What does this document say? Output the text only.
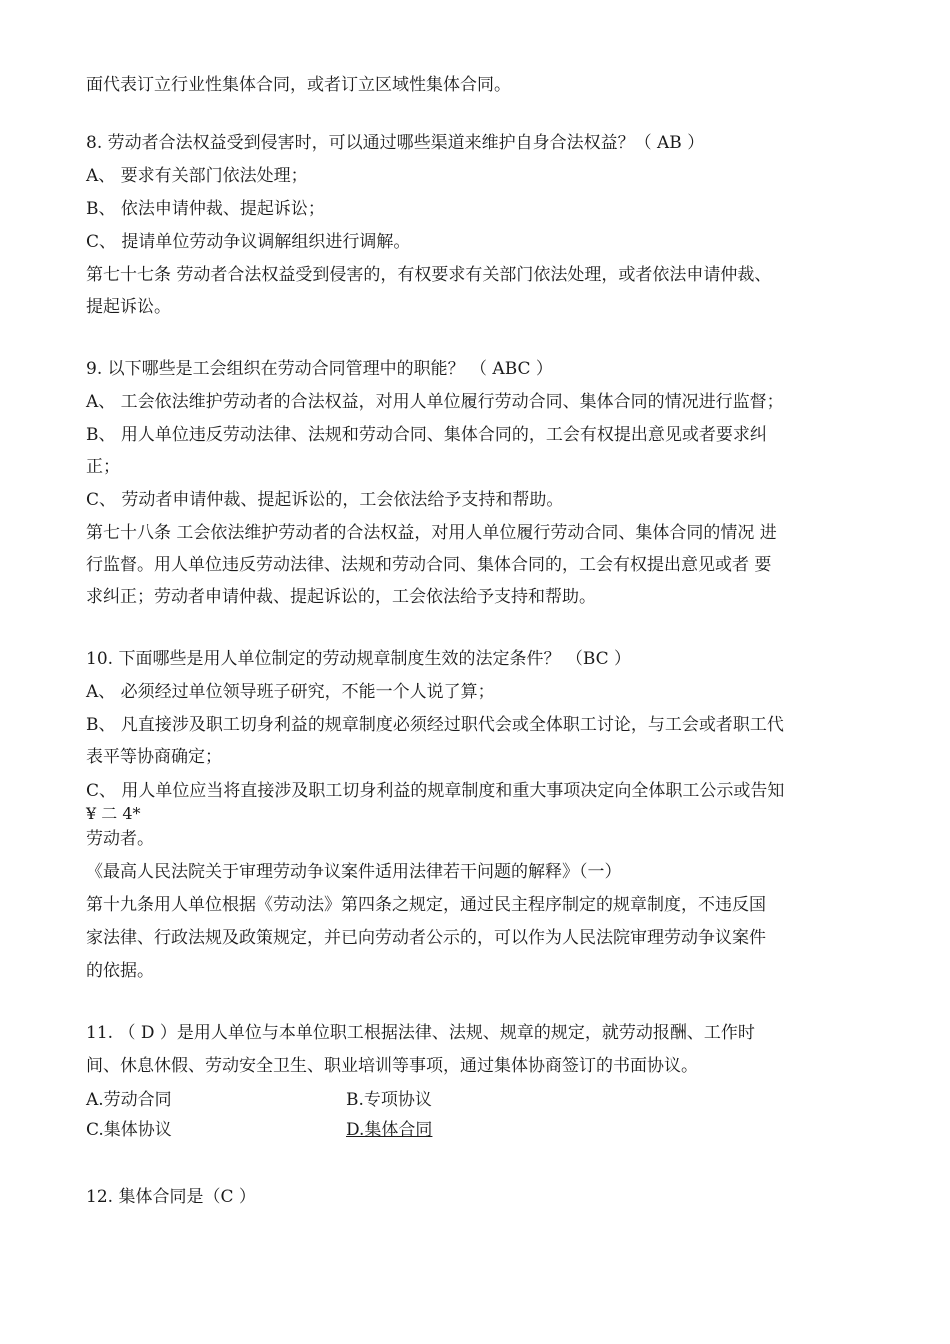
面代表订立行业性集体合同，或者订立区域性集体合同。
8. 劳动者合法权益受到侵害时，可以通过哪些渠道来维护自身合法权益？（ AB ）
A、 要求有关部门依法处理；
B、 依法申请仲裁、提起诉讼；
C、 提请单位劳动争议调解组织进行调解。
第七十七条 劳动者合法权益受到侵害的，有权要求有关部门依法处理，或者依法申请仲裁、
提起诉讼。
9. 以下哪些是工会组织在劳动合同管理中的职能？ （ ABC ）
A、 工会依法维护劳动者的合法权益，对用人单位履行劳动合同、集体合同的情况进行监督；
B、 用人单位违反劳动法律、法规和劳动合同、集体合同的，工会有权提出意见或者要求纠
正；
C、 劳动者申请仲裁、提起诉讼的，工会依法给予支持和帮助。
第七十八条 工会依法维护劳动者的合法权益，对用人单位履行劳动合同、集体合同的情况 进
行监督。用人单位违反劳动法律、法规和劳动合同、集体合同的，工会有权提出意见或者 要
求纠正；劳动者申请仲裁、提起诉讼的，工会依法给予支持和帮助。
10. 下面哪些是用人单位制定的劳动规章制度生效的法定条件？ （BC ）
A、 必须经过单位领导班子研究，不能一个人说了算；
B、 凡直接涉及职工切身利益的规章制度必须经过职代会或全体职工讨论，与工会或者职工代
表平等协商确定；
C、 用人单位应当将直接涉及职工切身利益的规章制度和重大事项决定向全体职工公示或告知
¥ 二 4*
劳动者。
《最高人民法院关于审理劳动争议案件适用法律若干问题的解释》（一）
第十九条用人单位根据《劳动法》第四条之规定，通过民主程序制定的规章制度，不违反国
家法律、行政法规及政策规定，并已向劳动者公示的，可以作为人民法院审理劳动争议案件
的依据。
11. （ D ）是用人单位与本单位职工根据法律、法规、规章的规定，就劳动报酬、工作时
间、休息休假、劳动安全卫生、职业培训等事项，通过集体协商签订的书面协议。
A.劳动合同	B.专项协议
C.集体协议	D.集体合同
12. 集体合同是（C ）
